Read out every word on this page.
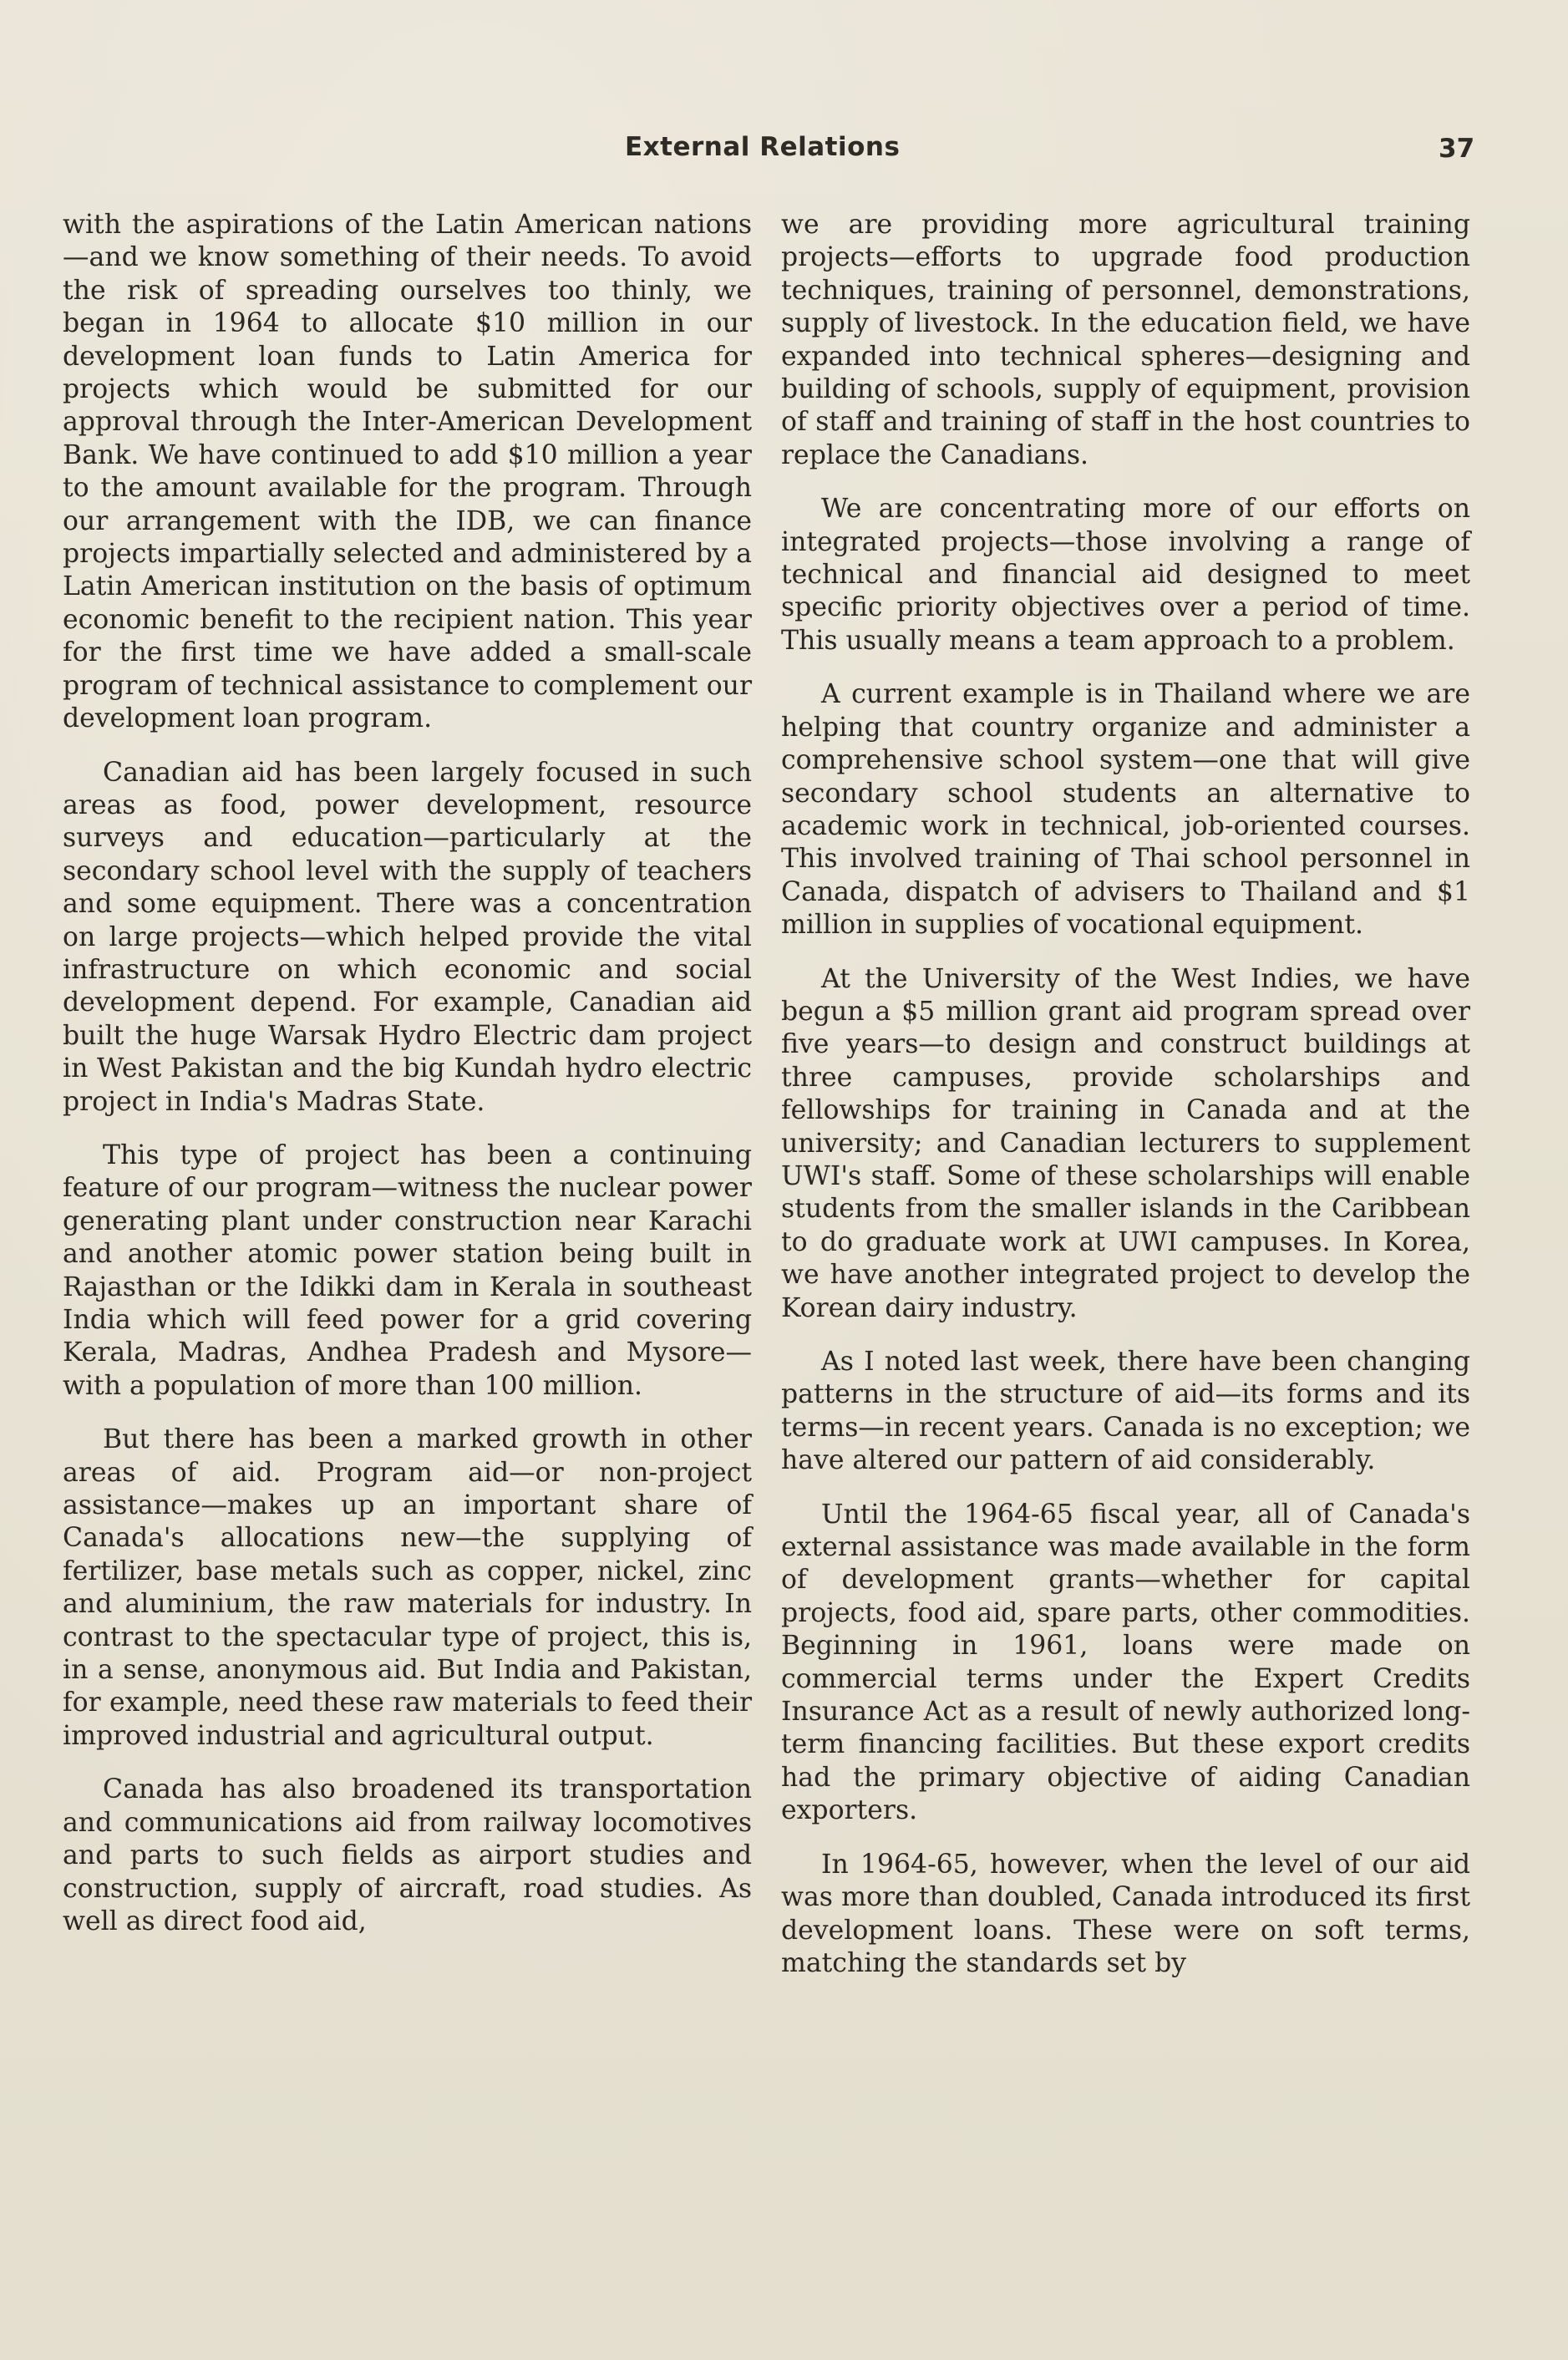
External Relations	37

with the aspirations of the Latin American nations—and we know something of their needs. To avoid the risk of spreading ourselves too thinly, we began in 1964 to allocate $10 million in our development loan funds to Latin America for projects which would be submitted for our approval through the Inter-American Development Bank. We have continued to add $10 million a year to the amount available for the program. Through our arrangement with the IDB, we can finance projects impartially selected and administered by a Latin American institution on the basis of optimum economic benefit to the recipient nation. This year for the first time we have added a small-scale program of technical assistance to complement our development loan program.

Canadian aid has been largely focused in such areas as food, power development, resource surveys and education—particularly at the secondary school level with the supply of teachers and some equipment. There was a concentration on large projects—which helped provide the vital infrastructure on which economic and social development depend. For example, Canadian aid built the huge Warsak Hydro Electric dam project in West Pakistan and the big Kundah hydro electric project in India's Madras State.

This type of project has been a continuing feature of our program—witness the nuclear power generating plant under construction near Karachi and another atomic power station being built in Rajasthan or the Idikki dam in Kerala in southeast India which will feed power for a grid covering Kerala, Madras, Andhea Pradesh and Mysore—with a population of more than 100 million.

But there has been a marked growth in other areas of aid. Program aid—or non-project assistance—makes up an important share of Canada's allocations new—the supplying of fertilizer, base metals such as copper, nickel, zinc and aluminium, the raw materials for industry. In contrast to the spectacular type of project, this is, in a sense, anonymous aid. But India and Pakistan, for example, need these raw materials to feed their improved industrial and agricultural output.

Canada has also broadened its transportation and communications aid from railway locomotives and parts to such fields as airport studies and construction, supply of aircraft, road studies. As well as direct food aid,

we are providing more agricultural training projects—efforts to upgrade food production techniques, training of personnel, demonstrations, supply of livestock. In the education field, we have expanded into technical spheres—designing and building of schools, supply of equipment, provision of staff and training of staff in the host countries to replace the Canadians.

We are concentrating more of our efforts on integrated projects—those involving a range of technical and financial aid designed to meet specific priority objectives over a period of time. This usually means a team approach to a problem.

A current example is in Thailand where we are helping that country organize and administer a comprehensive school system—one that will give secondary school students an alternative to academic work in technical, job-oriented courses. This involved training of Thai school personnel in Canada, dispatch of advisers to Thailand and $1 million in supplies of vocational equipment.

At the University of the West Indies, we have begun a $5 million grant aid program spread over five years—to design and construct buildings at three campuses, provide scholarships and fellowships for training in Canada and at the university; and Canadian lecturers to supplement UWI's staff. Some of these scholarships will enable students from the smaller islands in the Caribbean to do graduate work at UWI campuses. In Korea, we have another integrated project to develop the Korean dairy industry.

As I noted last week, there have been changing patterns in the structure of aid—its forms and its terms—in recent years. Canada is no exception; we have altered our pattern of aid considerably.

Until the 1964-65 fiscal year, all of Canada's external assistance was made available in the form of development grants—whether for capital projects, food aid, spare parts, other commodities. Beginning in 1961, loans were made on commercial terms under the Expert Credits Insurance Act as a result of newly authorized long-term financing facilities. But these export credits had the primary objective of aiding Canadian exporters.

In 1964-65, however, when the level of our aid was more than doubled, Canada introduced its first development loans. These were on soft terms, matching the standards set by
